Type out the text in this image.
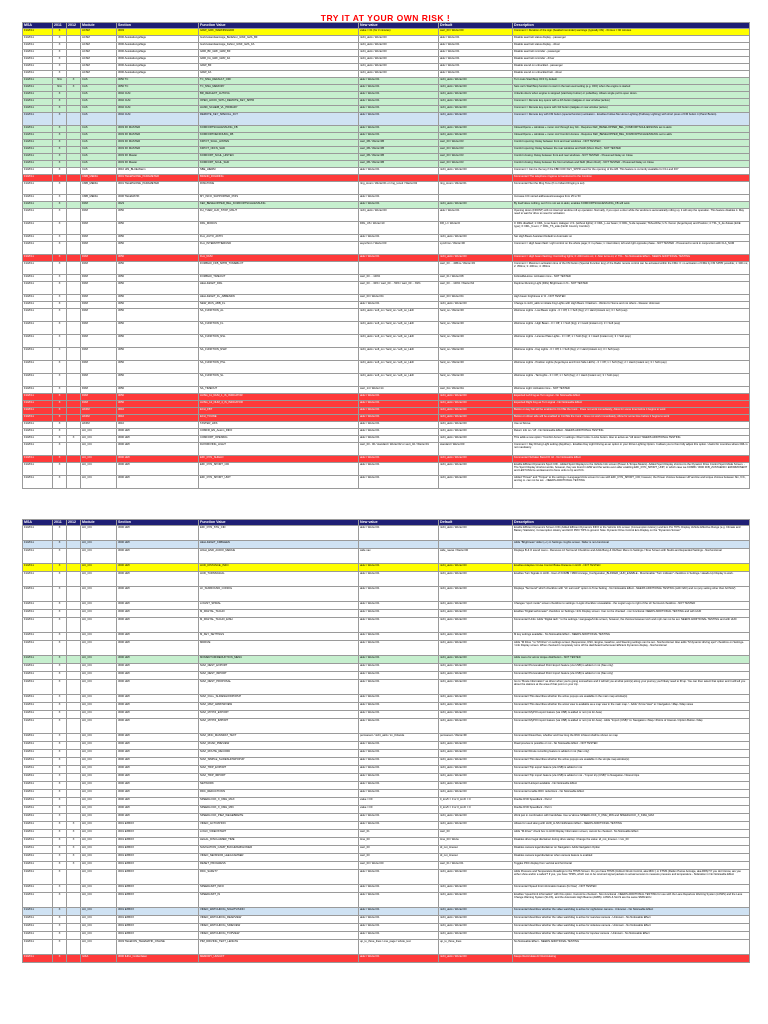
TRY IT AT YOUR OWN RISK !
MSA	2011	2012	Module	Section	Function Value	New value	Default	Description
F10/F11	X		ACSM	3003	GRW_GRK_WARNINGHDR	value = 01 (for 3 minutes)	wert_00 / Werte=00	Comment = Duration of the sign (Seatbelt reminder) warnings (typically ON) - 64 Hex = 90 minutes
F10/F11	X		ACSM	3000 Ausstattungsflags	Gurtzustandsanzeige_Beifahrer_GWF_GZA_BF	nicht_aktiv / Werte=00	aktiv / Werte=01	Disable seat belt status display - passenger
F10/F11	X		ACSM	3000 Ausstattungsflags	Gurtzustandsanzeige_Fahrer_GWF_GZA_FA	nicht_aktiv / Werte=00	aktiv / Werte=01	Disable seat belt status display - driver
F10/F11	X		ACSM	3000 Ausstattungsflags	GRR_BF_GRF_GRR_BF	nicht_aktiv / Werte=00	aktiv / Werte=01	Disable seat belt reminder - passenger
F10/F11	X		ACSM	3000 Ausstattungsflags	GRR_FA_GRF_GRR_FA	nicht_aktiv / Werte=00	aktiv / Werte=01	Disable seat belt reminder - driver
F10/F11	X		ACSM	3000 Ausstattungsflags	GRW_BF	nicht_aktiv / Werte=00	aktiv / Werte=01	Disable sound on unbuckled - passenger
F10/F11	X		ACSM	3000 Ausstattungsflags	GRW_FA	nicht_aktiv / Werte=00	aktiv / Werte=01	Disable sound on unbuckled belt - driver
F10/F11	N/A	X	CAS	3050 TC	TC_MSA_DEFAULT_OFF	aktiv / Werte=01	nicht_aktiv / Werte=00	Turn Auto Start/Stop OFF by default
F10/F11	N/A	X	CAS	3050 TC	TC_MSA_MEMORY	aktiv / Werte=01	nicht_aktiv / Werte=00	Sets car's Start/Stop function to start in the last used setting (e.g. OFF) when the engine is started
F10/F11	X		CAS	3002 CLM	BR_REFLEXT_AUTOVA	aktiv / Werte=01	nicht_aktiv / Werte=00	Unlocks doors when engine is stopped (start/stop button) or pulled/key. Allows single pull to open doors.
F10/F11	X		CAS	3002 CLM	OPEN_HOOK_WITH_REMOTE_KEY_SPPR	aktiv / Werte=01	nicht_aktiv / Werte=00	Comment = Remote key opens with a 4th button (tailgate or rear window (active)
F10/F11	X		CAS	3002 CLM	HAND_SCHEIB_VL_PRIMARY	aktiv / Werte=01	nicht_aktiv / Werte=00	Comment = Remote key opens with 3rd button (tailgate or rear window (active)
F10/F11	X		CAS	3002 CLM	REMOTE_KEY_SPECIAL_FCT	aktiv / Werte=01	nicht_aktiv / Werte=00	Comment = Remote key with FM button (special function) activation - Enables Follow-Me Home Lighting (Pathway Lighting) with short press of FM button 4 (Panic Button).
F10/F11	X		CAS	3003 FK MASTER	KOMFORTSCHLIESSUNG_FB	aktiv / Werte=01	nicht_aktiv / Werte=00	Closes/Opens + windows + moon roof through key fob - Requires KEF_BESELOPPER_BEL_KOMFORTSCHLIESSUNG set to aktiv
F10/F11	X		CAS	3003 FK MASTER	KOMFORTOEFFNUNG_FB	aktiv / Werte=01	nicht_aktiv / Werte=00	Closes/Opens + windows + moon roof Comfort Access - Requires KEF_BESELOPPER_BEL_KOMFORTSCHLIESSUNG set to aktiv
F10/F11	X		CAS	3003 FK MASTER	KFPOT_SCHL_HINTEN	wert_0B / Werte=0B	wert_00 / Werte=03	Comfort opening: Delay between front and rear windows - NOT TESTED
F10/F11	X		CAS	3003 FK MASTER	KFPOT_OFFN_SHD	wert_0B / Werte=0B	wert_00 / Werte=03	Comfort opening: Delay between the rear windows and SHD (Moon Roof) - NOT TESTED
F10/F11	X		CAS	3003 FK Master	KOMFORT_SCHL_HINTEN	wert_0B / Werte=0B	wert_00 / Werte=03	Comfort closing: Delay between front and rear windows - NOT TESTED - Presumed Delay on Close
F10/F11	X		CAS	3003 FK Master	KOMFORT_SCHL_SHD	wert_0B / Werte=0B	wert_00 / Werte=03	Comfort closing: Delay between the front windows and SHD (Moon Roof) - NOT TESTED - Presumed Delay on Close
F10/F11	X		CAS	3010 HIS_BLUE/Alarm	SBE_HIERM	aktiv / Werte=01	nicht_aktiv / Werte=00	Comment = Can be the key if the FBD COF KEY_SPPR used for the opening of the HB. This feature is currently available for F11 and F07
F10/F11	X		CMB_MEDIA	3001 TELEPHONE_PARAMETER	BRAND_ROHDING			Kommentar=The telephone ringtone is transferred to the Combox
F10/F11	X		CMB_MEDIA	3001 TELEPHONE_PARAMETER	RINGTONE	ring_tone1 / Werte=01 or ring_tone2 / Werte=02	ring_tone1 / Werte=01	Kommentar=Set the Ring Tone (If no Iridand Ringing is set)
F10/F11	X		CMB_MEDIA	3006 TELEMATIK	MY_INFO_SUPPORTED_POIS	aktiv / Werte=01		Increase CIC stored addresses/messages from 25 to 50
F10/F11	X		FRM	3023	KEF_BESELOPPER_BEL_KOMFORTSCHLIESSUNG	aktiv / Werte=01	nicht_aktiv / Werte=00	By itself does nothing, set if it is not set to aktiv, enables KOMFORTSCHLIESSUNG_FB will work.
F10/F11	X		FRM	3050	FH_TUER_AUF_STOP_MAUT	nicht_aktiv / Werte=00	aktiv / Werte=01	Opening doors (FRONT) will not interrupt window roll up operation. Normally, if you open a door while the window is automatically rolling up, it will stop the operation. This feature disables it. May need to wait for drive to reset for activation
F10/F11	X		FRM	3050	DRL_MODUS	DRL_US / Werte=10	DR_LI / Werte=0	0: DRL disabled; 1: DRL_H-se beam; Halogen U.S. (without lights); 2: DRL_L-ow beam; 3: DRL_S-ide repeater; TFAuxWhe; U.S. Xenon (Angel Eyes) and Position; 4: TFL_S_de Zulass (ECE type); 6: DRL_N-eon; 7: DRL_TS_side (North Country Corridor)
F10/F11	X		FRM	3050	FLA_AUTO_AKTIV	aktiv / Werte=01	nicht_aktiv / Werte=00	Set High Beam Assistant Default to Automatic on
F10/F11	X		FRM	3050	FLA_INTERMITTIERUND	asynchron / Werte=00	synchron / Werte=00	Comment = High beam flash: Light control on the whole page; 0: in-phase; 1: intermittent, left and right opposite phase - NOT TESTED - Presumed to work in conjunction with FLA_NUM
F10/F11	X		FRM	3050	FLA_NUM	aktiv / Werte=01	nicht_aktiv / Werte=00	Comment = High beam flashing: Controlling lights; 0: Alltrt turns on; 1: Alter turns on; 2: TFL - No Noticeable Effect - NEEDS ADDITIONAL TESTING
F10/F11	X		FRM	3050	FOMBHO_FFB_SPPR_TOMEBLOT		wert_00 ... 40Bns / Werte=03	Comment = Maximum activation time of the FM button (Special Function key) of the Radio remote control can be activated within the FMA: 0: no activation of FMH by FM SPPR possible; 1: 300 ms; 2: 350ms; 3: 400ms; 4: 450ms
F10/F11	X		FRM	3050	FOMBHO_TIMEOUT	wert_00 ... 100%	wert_01 / Werte=08	FollowMeHome: Activation time - NOT TESTED
F10/F11	X		FRM	3050	HELLIGKEIT_DRL	wert_00 ... 30% / wert_00 ... 50% / wert_00 ... 81%	wert_00 ... 100% / Werte=64	Daytime Running Light (DRL) Brightness in % - NOT TESTED
F10/F11	X		FRM	3050	HELLIGKEIT_FL_ABBENDN	wert_00 / Werte=64	wert_00 / Werte=64	High beam brightness in % - NOT TESTED
F10/F11	X		FRM	3050	NEW_MUS_ABB_FL	aktiv / Werte=01	nicht_aktiv / Werte=00	Change to nicht_aktiv to initiate Fog Lights with High Beam / Flashers - Works for Some and not others - Reason Unknown
F10/F11	X		FRM	3050	SA_FUNKTION_AL	nicht_aktiv / soft_on / hard_on / soft_on_LED	hard_on / Werte=00	Welcome Lights - Low Beam Lights - 0 = Off; 1 = Soft (fog); 2 = Hard (instant on); 3 = Soft (esp)
F10/F11	X		FRM	3050	SA_FUNKTION_FL	nicht_aktiv / soft_on / hard_on / soft_on_LED	hard_on / Werte=00	Welcome Lights - High Beam - 0 = Off; 1 = Soft (fog); 2 = Hard (instant on); 3 = Soft (esp)
F10/F11	X		FRM	3050	SA_FUNKTION_NSL	nicht_aktiv / soft_on / hard_on / soft_on_LED	hard_on / Werte=00	Welcome Lights - License Plate Lights - 0 = Off; 1 = Soft (fog); 2 = Hard (instant on); 3 = Soft (esp)
F10/F11	X		FRM	3050	SA_FUNKTION_NSW	nicht_aktiv / soft_on / hard_on / soft_on_LED	hard_on / Werte=00	Welcome Lights - Fog Lights - 0 = Off; 1 = Soft (fog); 2 = Hard (instant on); 3 = Soft (esp)
F10/F11	X		FRM	3050	SA_FUNKTION_PSL	nicht_aktiv / soft_on / hard_on / soft_on_LED	hard_on / Werte=00	Welcome Lights - Position Lights (Angel Eyes and Front Side LED's) - 0 = Off; 1 = Soft (fog); 2 = Hard (instant on); 3 = Soft (esp)
F10/F11	X		FRM	3050	SA_FUNKTION_SL	nicht_aktiv / soft_on / hard_on / soft_on_LED	hard_on / Werte=00	Welcome Lights - Tail Lights - 0 = Off; 1 = Soft (fog); 2 = Hard (instant on); 3 = Soft (esp)
F10/F11	X		FRM	3050	SA_TIMEOUT	wert_14 / Werte=14	wert_0A / Werte=0A	Welcome Light: Activation time - NOT TESTED
F10/F11	X		FRM	3050	AUSG_11_NUM_1_IS_INDICATOR	aktiv / Werte=01	nicht_aktiv / Werte=00	Expected Left Fog as Turn signal - No Noticeable Effect
F10/F11	X		FRM	3050	AUSG_12_NUM_4_IS_INDICATOR	aktiv / Werte=01	nicht_aktiv / Werte=00	Expected Right Fog as Turn signal - No Noticeable Effect
F10/F11	X		HKFM	3010	ECH_FBT	aktiv / Werte=01	nicht_aktiv / Werte=00	Button on key fob will be enabled to CLOSE the trunk - Does not work immediately; Allow for some time before it begins to work
F10/F11	X		HKFM	3010	ECH_TOUNE	aktiv / Werte=01	nicht_aktiv / Werte=00	Button on driver side will be enabled to CLOSE the trunk - Does not work immediately; Allow for some time before it begins to work
F10/F11	X		HKFM	3010	TASTER_HKS	aktiv / Werte=01	nicht_aktiv / Werte=00	Use w/ Above
F10/F11	X		HU_CIC	3000 HMI	COMFR_EN_Autom_INFO	aktiv / Werte=01	nicht_aktiv / Werte=00	Return info on / off - No Noticeable Effect - NEEDS ADDITIONAL TESTING
F10/F11	X	X	HU_CIC	3000 HMI	COMFORT_OPENING	aktiv / Werte=01	nicht_aktiv / Werte=00	This adds a new option "Comfort Acces" in settings->Door locks->Locks button. Also to active as "All doors" NEEDS ADDITIONAL TESTING
F10/F11	X		HU_CIC	3000 HMI	DAYDRIVING_LIGHT	wert_00 - 00 / standard / Werte=02 or wert_02 / Werte=01	standard / Werte=00	Comment = Day Driving Light setting (daydrive) - Enables Day Light Driving as an option in your iDrive Lighting Option. It allows you to then fully adjust this option. Useful for countries where DRL is not mandatory.
F10/F11	X		HU_CIC	3000 HMI	EFF_DYN_SHIELD	aktiv / Werte=01	nicht_aktiv / Werte=00	Kommentar=Schalen Beind ID 42 - No Noticeable Effect
F10/F11	X		HU_CIC	3000 HMI	EFF_DYN_SPORT_CID	aktiv / Werte=01	nicht_aktiv / Werte=00	Enable Efficient Dynamics Sport CID - Added Sport Displays to the Vehicle Info screen (Power & Torque Meters). Added Sport Display shortcut to the Dynamic Drive Control Sport Mode Screen. - The Sport Display shortcut works, however, they are found in EfW and the works even after enabling EFF_DYN_SPORT_UNIT, in which case we KOMBI / 3000 FFB_ZUSTAEND / ERORMONENT and LESTUNG be workaround to force units to hp and ft lb.
F10/F11	X		HU_CIC	3000 HMI	EFF_DYN_SPORT_UNIT	aktiv / Werte=01	nicht_aktiv / Werte=00	Added "Power" and "Torque" to the settings->Language/Units screen for use with EFF_DYN_SPORT_CID; however, the Power choices between HP and kw and torque choices between Nm, ft lb, and kg.m. can not be set. - NEEDS ADDITIONAL TESTING
MSA	2011	2012	Module	Section	Function Value	New value	Default	Description
F10/F11	X		HU_CIC	3000 HMI	EFF_DYN_STG_CID	aktiv / Werte=01	nicht_aktiv / Werte=00	Enable Efficient Dynamics Screen CID (Added Efficient Dynamics INFO to the Vehicle Info screen (Consumption History) and Eco Pro TIPS. Display Vehicle Effective Range (e.g. Climate and Battery Statistics). Consumption History and ECO PRO TIPS to ground. Note: Dynamic Drive Control Eco Display on the "Dynamics Screen"
F10/F11	X		HU_CIC	3000 HMI	HELLIGKEIT_KMBLEEN			Adds "Brightness" slider (+/-) in Settings->Lights screen. Slider is non-functional
F10/F11	X		HU_CIC	3000 HMI	HIGH_END_AUDIO_MENUE	wide nav	wide_navas / Werte=00	Displays B & O sound menu - Removes LF Surround Checkbox and Adds Bang & Oluffsen Menu to Settings->Tone Screen with Studio and Expanded Settings - Nonfunctional
F10/F11	X		HU_CIC	3000 HMI	HUD_DISTANCE_INFO	aktiv / Werte=01	nicht_aktiv / Werte=00	Enables Adaptive Cruise Control Brake Distance in HUD - NOT TESTED
F10/F11	X		HU_CIC	3000 HMI	HUD_TURNSIGNAL	aktiv / Werte=01	nicht_aktiv / Werte=00	Enables Turn Signals in HUD - User of KOMBI / 3800 Anzeige_Konfiguration_BLINKER_HUD_ENABLE - Must Enable "Turn indicator" checkbox in Settings->Heads-Up Display to work.
F10/F11	X		HU_CIC	3000 HMI	LF_SURROUND_CONFIG	aktiv / Werte=01	nicht_aktiv / Werte=00	Displays "Surround" which checkbox with "LF surround" option to Tone Setting - No Noticeable Effect - NEEDS ADDITIONAL TESTING (with NAV) and no (any setting other than full NAV)
F10/F11	X		HU_CIC	3000 HMI	LOGIST_SPIRAL	aktiv / Werte=01	nicht_aktiv / Werte=00	Changes "sport mode" screen checkbox to settings->Logist checkbox unavailable - the Logist Logo to right of the LF Surround checkbox - NOT TESTED
F10/F11	X		HU_CIC	3000 HMI	M_DIGITAL_TACHO	aktiv / Werte=01	nicht_aktiv / Werte=00	Enables "Digital tachometer" checkbox on Settings->Info Display screen. Can not be checked - non functional. NEEDS ADDITIONAL TESTING and with HUD
F10/F11	X		HU_CIC	3000 HMI	M_DIGITAL_TACHO_EINH	aktiv / Werte=01	nicht_aktiv / Werte=00	Kommentar=Units: Adds "Digital tach." to the settings->Language/Units screen, however, the choices between kmh and mph can not be set. NEEDS ADDITIONAL TESTING and with HUD
F10/F11	X		HU_CIC	3000 HMI	M_KEY_SETTINGS	aktiv / Werte=01	nicht_aktiv / Werte=00	M key settings available - No Noticeable Effect - NEEDS ADDITIONAL TESTING
F10/F11	X		HU_CIC	3000 HMI	MDRIVE	aktiv / Werte=01	nicht_aktiv / Werte=00	Adds "M Drive " to "M Drive" on settings screen (Suspension, DSC, Engine, Gearbox, and Steering settings can be set - Nonfunctional. Also adds "M dynamic driving spot" checkbox on Settings->Info Display screen. When checked it completely turns off the dashboard tachometer Efficient Dynamics display - Nonfunctional
F10/F11	X		HU_CIC	3000 HMI	MOMENTUM/REDUKTION_MENU	aktiv / Werte=01	nicht_aktiv / Werte=00	Adds menu for armor torque distribution - NOT TESTED
F10/F11	X		HU_CIC	3000 HMI	NAVI_DEST_EXPORT	aktiv / Werte=01	nicht_aktiv / Werte=00	Kommentar=Personalised Point Export feature (via USB) is added or not (Nav only)
F10/F11	X		HU_CIC	3000 HMI	NAVI_DEST_IMPORT	aktiv / Werte=01	nicht_aktiv / Werte=00	Kommentar=Personalised Point Import feature (via USB) is added or not (Nav only)
F10/F11	X		HU_CIC	3000 HMI	NAVI_DEST_PROPOSAL	aktiv / Werte=01	nicht_aktiv / Werte=00	Go to "Route Information" as driver when you're going somewhere and it will tell you at what point(s) along your journey you'll likely need to fill up. You can then select that option and it will tell you about the stations at the area of that point on your trip.
F10/F11	X		HU_CIC	3000 HMI	NAVI_FULL_SLIDESHOWPOPUP	aktiv / Werte=01	nicht_aktiv / Werte=00	Kommentar=This describes whether the arrive popups are available in the main map window(s)
F10/F11	X		HU_CIC	3000 HMI	NAVI_MAP_ARROWVIEW	aktiv / Werte=01	nicht_aktiv / Werte=00	Kommentar=This describes whether the arrow view is available as a map view in the main map / - Adds "Arrow View" to: Navigation->Map->Map views
F10/F11	X		HU_CIC	3000 HMI	NAVI_MYPOI_EXPORT	aktiv / Werte=01	nicht_aktiv / Werte=00	Kommentar=MyPOI export feature (via USB) is added or not (not for Asia)
F10/F11	X		HU_CIC	3000 HMI	NAVI_MYPOI_IMPORT	aktiv / Werte=01	nicht_aktiv / Werte=00	Kommentar=MyPOI import feature (via USB) is added or not (not for Asia) - Adds "Import (USB)" to: Navigation->Map->Points of Interest->Option Button->Map
F10/F11	X		HU_CIC	3000 HMI	NAVI_RNC_MANNRAT_TEXT	permanent / nicht_aktiv / im_Kirlande	permanent / Werte=FF	Kommentar=Describes, whether and how long the RNC infotext shall be shown on map
F10/F11	X		HU_CIC	3000 HMI	NAVI_ROAD_PREVIEW	aktiv / Werte=01	nicht_aktiv / Werte=00	Road preview is possible or not - No Noticeable Effect - NOT TESTED
F10/F11	X		HU_CIC	3000 HMI	NAVI_ROUTE_RECORD	aktiv / Werte=01	nicht_aktiv / Werte=00	Kommentar=Route recording feature is added or not (Nav only)
F10/F11	X		HU_CIC	3000 HMI	NAVI_SIMPLE_SLIDESHOWPOPUP	aktiv / Werte=01	nicht_aktiv / Werte=00	Kommentar=This describes whether the arrive popups are available in the simple map window(s)
F10/F11	X		HU_CIC	3000 HMI	NAVI_TRIP_EXPORT	aktiv / Werte=01	nicht_aktiv / Werte=00	Kommentar=Trip export feature (via USB) is added or not
F10/F11	X		HU_CIC	3000 HMI	NAVI_TRIP_IMPORT	aktiv / Werte=01	nicht_aktiv / Werte=00	Kommentar=Trip import feature (via USB) is added or not - "Import trip (USB)" to Navigation->Stored trips
F10/F11	X		HU_CIC	3000 HMI	NETWORK	aktiv / Werte=01	nicht_aktiv / Werte=00	Kommentar=Hotspot available - No Noticeable Effect
F10/F11	X		HU_CIC	3000 HMI	RDC_REDUCTIONS	aktiv / Werte=01	nicht_aktiv / Werte=00	Kommentar=enable RDC reductions - No Noticeable Effect
F10/F11	X		HU_CIC	3000 HMI	SPEEDLOCK_X_KMH_MAX	value = FF	0_km/h = 0 or 0_km/h = 0	Double DVD Speedlock - Part 2
F10/F11	X		HU_CIC	3000 HMI	SPEEDLOCK_X_KMH_MIN	value = FF	0_km/h = 0 or 0_km/h = 0	Double DVD Speedlock - Part 1
F10/F11	X		HU_CIC	3000 HMI	SPEEDLOCK_PIEZ_WEGEBREITE	aktiv / Werte=01	nicht_aktiv / Werte=00	Work just in combination with handshaw. Use w/ above SPEEDLOCK_X_KMH_MIN and SPEEDLOCK_X_KMH_MAX
F10/F11	X	X	HU_CIC	3001 EXBOX	VIDEO_ACTIVATION	aktiv / Werte=01	nicht_aktiv / Werte=00	Allows for used along with HUD_H-NS Notification Effect - NEEDS ADDITIONAL TESTING
F10/F11	X	X	HU_CIC	3001 EXBOX	LOGO_VIDEOSTART	wert_01	wert_00	Adds "M driver" check box to HUD Display Information screen, cannot be checked - No Noticeable Effect
F10/F11	X	X	HU_CIC	3001 EXBOX	LEGAL_DISCLAIMER_TIME	time_00	time_00 / Werte	Disables driver legal disclaimer during drive startup. Change the value: td_not_timeout -> km_00
F10/F11	X	X	HU_CIC	3001 EXBOX	NAVIGATION_CAMP_BUCHMARKHONER	wert_00	td_not_timeout	Disables camera legal disclaimer on Navigation. Adds Navigation Option
F10/F11	X	X	HU_CIC	3001 EXBOX	VIDEO_NENSSOR_LEEGCAMNER	wert_00	td_not_timeout	Disables camera legal disclaimer when camera feature is enabled
F10/F11	X	X	HU_CIC	3001 EXBOX	RESET_PROGRESS	wert_00 / Werte=00	wert_01 / Werte=01	Toggles PDC display from vertical and horizontal
F10/F11	X		HU_CIC	3001 EXBOX	RDC_SAFETY	aktiv / Werte=01	nicht_aktiv / Werte=00	Adds Pressure and Temperature Readings to the TPMS Screen. Do you have TPMS (Indirect Druck Control, aka RDC ) or FTMS (Reifen Panne Anzeige, aka RPA)? If you don't know, are you either show and/or a sabotr? If yes, you have TPMS, which can to be returned signal packets to actual sensors to measure pressure and temperature - Sideration in No Noticeable Effect
F10/F11	X		HU_CIC	3001 EXBOX	SPEEDLIMIT_INFO	aktiv / Werte=01	nicht_aktiv / Werte=00	Kommentar=Speed limit information feature (for Nav) - NOT TESTED
F10/F11	X		HU_CIC	3001 EXBOX	SPEEDLIMIT_IN	aktiv / Werte=01	nicht_aktiv / Werte=00	Enables "speed limit information" with this option. Cannot be checked - Non-functional - NEEDS ADDITIONAL TESTING for use with the Lane Departure Warning System (LDWS) and the Lane Change Warning System (SLCS), and the Automatic High Beams (AHBS). LDWS & SLCS are the same SMW ECU.
F10/F11	X		HU_CIC	3001 EXBOX	VIDEO_WATCHDOG_NIGHTVISION	aktiv / Werte=01	nicht_aktiv / Werte=00	Kommentar=describes whether the video watchdog is active for nightvision camera - Unknown - No Noticeable Effect
F10/F11	X		HU_CIC	3001 EXBOX	VIDEO_WATCHDOG_REARVIEW	aktiv / Werte=01	nicht_aktiv / Werte=00	Kommentar=describes whether the video watchdog is active for rearview camera - Unknown - No Noticeable Effect
F10/F11	X		HU_CIC	3001 EXBOX	VIDEO_WATCHDOG_SIDEVIEW	aktiv / Werte=01	nicht_aktiv / Werte=00	Kommentar=describes whether the video watchdog is active for sideview camera - Unknown - No Noticeable Effect
F10/F11	X		HU_CIC	3001 EXBOX	VIDEO_WATCHDOG_TOPVIEW	aktiv / Werte=01	nicht_aktiv / Werte=00	Kommentar=describes whether the video watchdog is active for topview camera - Unknown - No Noticeable Effect
F10/F11	X		HU_CIC	3003 TELEFON_TELEMATIK_ONLINE	PIM_DRIVING_TEXT_LENGTH	up_to_three_lines / one_page / whole_text	up_to_three_lines	No Noticeable Effect - NEEDS ADDITIONAL TESTING
F10/F11	X		IHKA	3000 IHKA_Codierdaten	MEMORY_UMLUFT	aktiv / Werte=01	nicht_aktiv / Werte=00	Keeps Recirculate Air Recirculating
